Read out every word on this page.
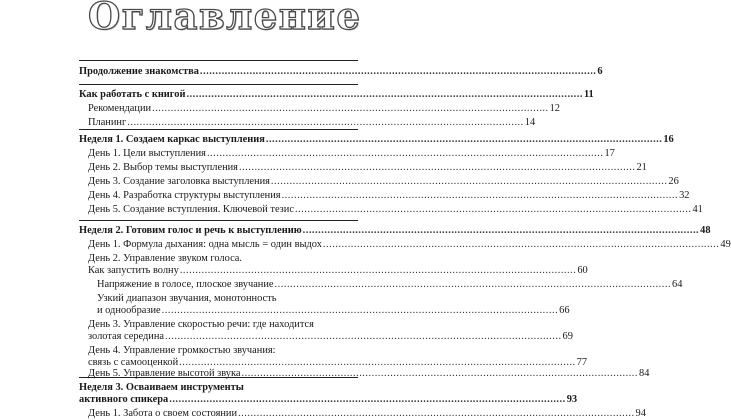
Оглавление
Продолжение знакомства ................................................................................................................................ 6
Как работать с книгой ................................................................................................................................ 11
Рекомендации ................................................................................................................................ 12
Планинг ................................................................................................................................ 14
Неделя 1. Создаем каркас выступления ................................................................................................................................ 16
День 1. Цели выступления ................................................................................................................................ 17
День 2. Выбор темы выступления ................................................................................................................................ 21
День 3. Создание заголовка выступления ................................................................................................................................ 26
День 4. Разработка структуры выступления ................................................................................................................................ 32
День 5. Создание вступления. Ключевой тезис ................................................................................................................................ 41
Неделя 2. Готовим голос и речь к выступлению ................................................................................................................................ 48
День 1. Формула дыхания: одна мысль = один выдох ................................................................................................................................ 49
День 2. Управление звуком голоса.
Как запустить волну ................................................................................................................................ 60
Напряжение в голосе, плоское звучание ................................................................................................................................ 64
Узкий диапазон звучания, монотонность
и однообразие ................................................................................................................................ 66
День 3. Управление скоростью речи: где находится
золотая середина ................................................................................................................................ 69
День 4. Управление громкостью звучания:
связь с самооценкой ................................................................................................................................ 77
День 5. Управление высотой звука ................................................................................................................................ 84
Неделя 3. Осваиваем инструменты
активного спикера ................................................................................................................................ 93
День 1. Забота о своем состоянии ................................................................................................................................ 94
